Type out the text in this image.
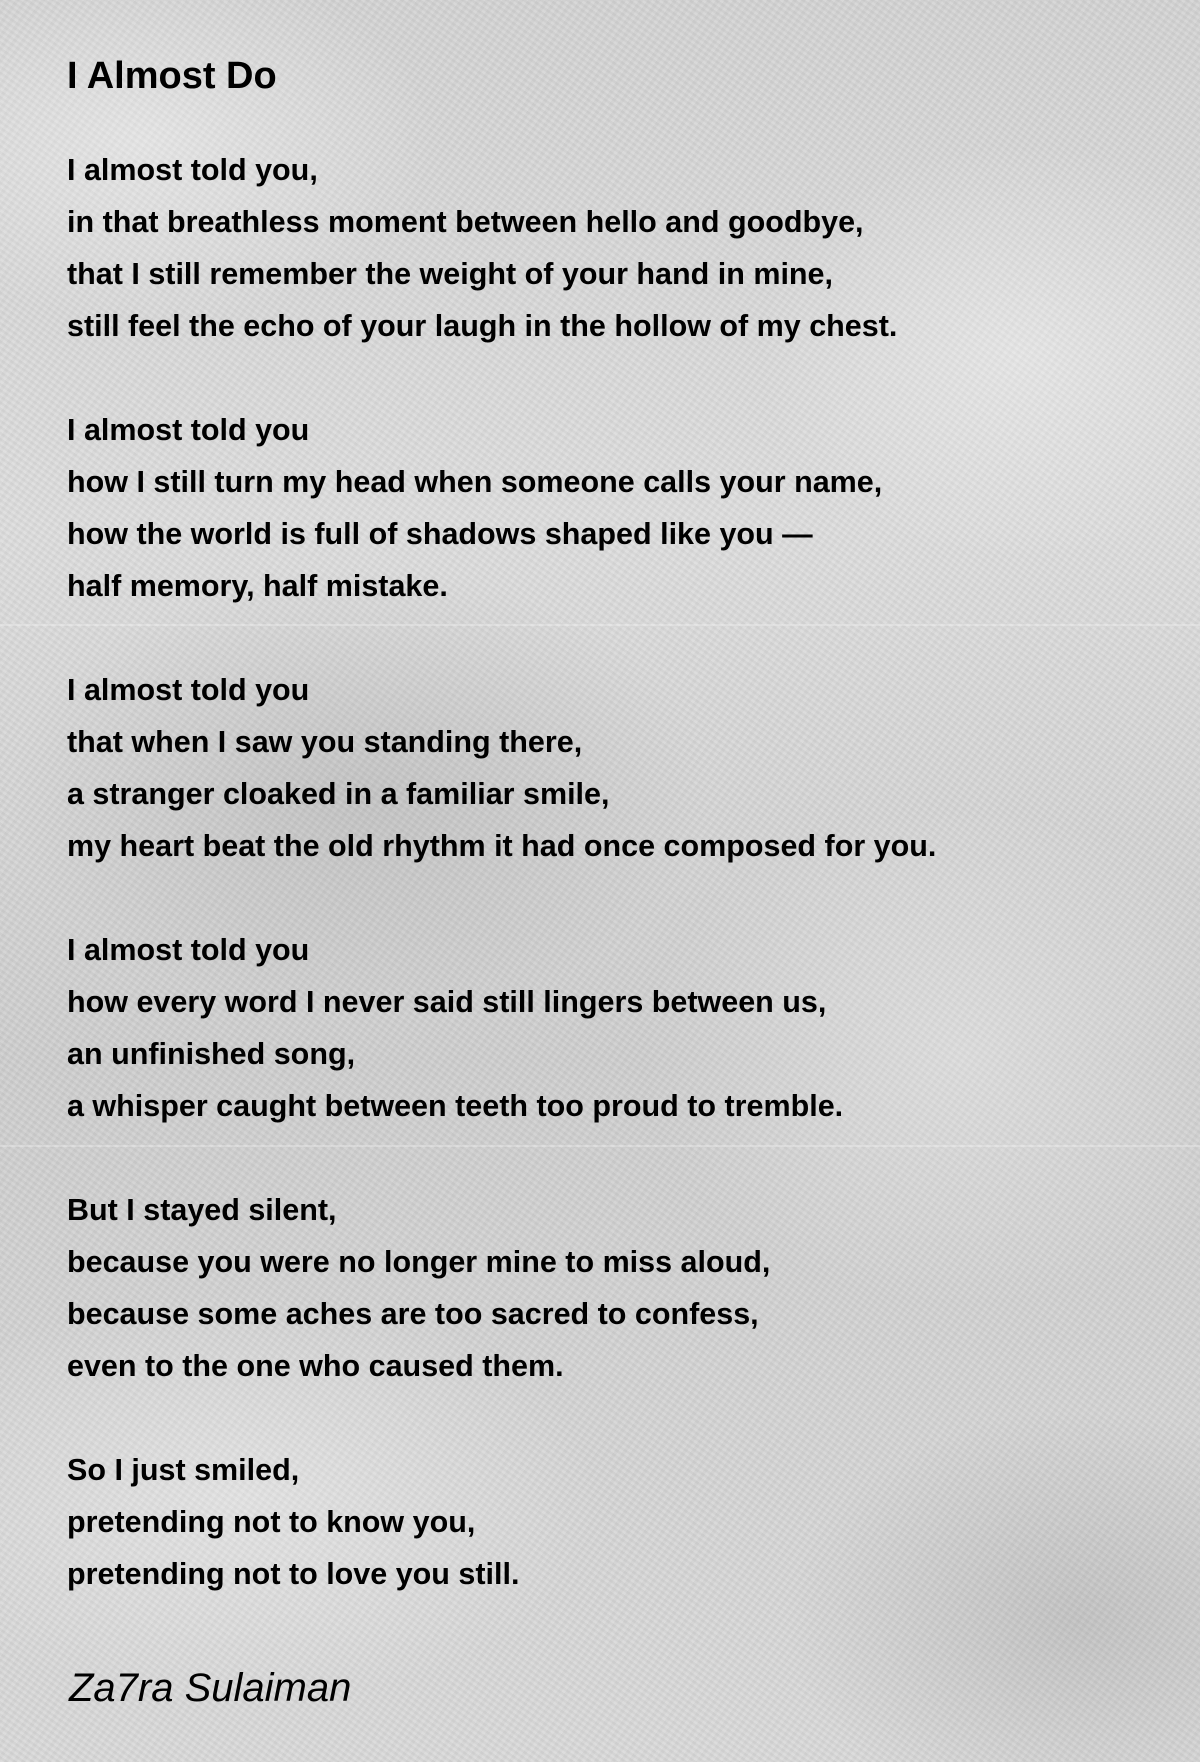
I Almost Do
I almost told you,
in that breathless moment between hello and goodbye,
that I still remember the weight of your hand in mine,
still feel the echo of your laugh in the hollow of my chest.
I almost told you
how I still turn my head when someone calls your name,
how the world is full of shadows shaped like you —
half memory, half mistake.
I almost told you
that when I saw you standing there,
a stranger cloaked in a familiar smile,
my heart beat the old rhythm it had once composed for you.
I almost told you
how every word I never said still lingers between us,
an unfinished song,
a whisper caught between teeth too proud to tremble.
But I stayed silent,
because you were no longer mine to miss aloud,
because some aches are too sacred to confess,
even to the one who caused them.
So I just smiled,
pretending not to know you,
pretending not to love you still.
Za7ra Sulaiman
